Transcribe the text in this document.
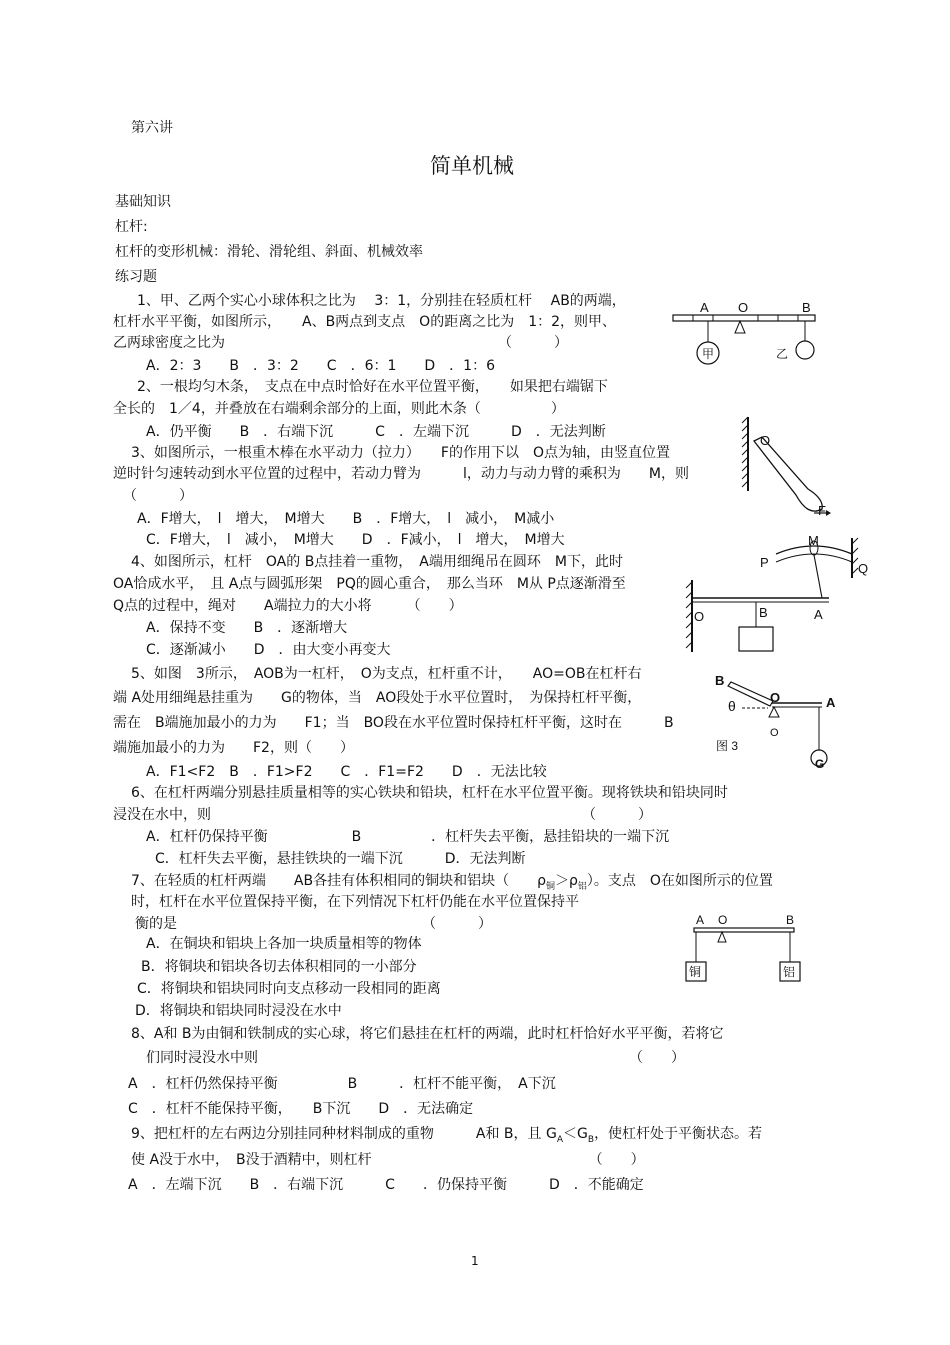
第六讲
简单机械
基础知识
杠杆:
杠杆的变形机械：滑轮、滑轮组、斜面、机械效率
练习题
1、甲、乙两个实心小球体积之比为　 3：1，分别挂在轻质杠杆　 AB的两端，
杠杆水平平衡，如图所示，　　A、B两点到支点　O的距离之比为　1：2，则甲、
乙两球密度之比为　　　　　　　　　　　　　　　　　　　　（　　　）
A．2：3　　B　．3：2　　C　．6：1　　D　．1：6
A O	B
甲	乙
2、一根均匀木条，　支点在中点时恰好在水平位置平衡，　　如果把右端锯下
全长的　1／4，并叠放在右端剩余部分的上面，则此木条（　　　　　）
A．仍平衡　　B　．右端下沉　　　C　．左端下沉　　　D　．无法判断
3、如图所示，一根重木棒在水平动力（拉力）　　F的作用下以　O点为轴，由竖直位置
逆时针匀速转动到水平位置的过程中，若动力臂为　　　l，动力与动力臂的乘积为　　M，则
（　　　）
A．F增大，　l　增大，　M增大　　B　．F增大，　l　减小，　M减小
C．F增大，　l　减小，　M增大　　D　．F减小，　l　增大，　M增大
O
F
4、如图所示，杠杆　OA的 B点挂着一重物，　A端用细绳吊在圆环　M下，此时
OA恰成水平，　且 A点与圆弧形架　PQ的圆心重合，　那么当环　M从 P点逐渐滑至
Q点的过程中，绳对　　A端拉力的大小将　　　（　　）
A．保持不变　　B　．逐渐增大
C．逐渐减小　　D　．由大变小再变大
P
M
Q
O	B	A
5、如图　3所示，　AOB为一杠杆，　O为支点，杠杆重不计，　　AO=OB在杠杆右
端 A处用细绳悬挂重为　　G的物体，当　AO段处于水平位置时，　为保持杠杆平衡，
需在　B端施加最小的力为　　F1；当　BO段在水平位置时保持杠杆平衡，这时在　　　B
端施加最小的力为　　F2，则（　　）
A．F1<F2　B　．F1>F2　　C　．F1=F2　　D　．无法比较
B
θ
O	A
O
G
图 3
6、在杠杆两端分别悬挂质量相等的实心铁块和铅块，杠杆在水平位置平衡。现将铁块和铅块同时
浸没在水中，则　　　　　　　　　　　　　　　　　　　　　　　　　　　（　　　）
A．杠杆仍保持平衡　　　　　　B　　　　　．杠杆失去平衡，悬挂铅块的一端下沉
C．杠杆失去平衡，悬挂铁块的一端下沉　　　D．无法判断
7、在轻质的杠杆两端　　AB各挂有体积相同的铜块和铝块（　　$\rho_铜>\rho_铝$）。支点　O在如图所示的位置
时，杠杆在水平位置保持平衡，在下列情况下杠杆仍能在水平位置保持平
衡的是　　　　　　　　　　　　　　　　　　（　　　）
A．在铜块和铝块上各加一块质量相等的物体
B．将铜块和铝块各切去体积相同的一小部分
C．将铜块和铝块同时向支点移动一段相同的距离
D．将铜块和铝块同时浸没在水中
A O	B
铜	铝
8、A和 B为由铜和铁制成的实心球，将它们悬挂在杠杆的两端，此时杠杆恰好水平平衡，若将它
们同时浸没水中则　　　　　　　　　　　　　　　　　　　　　　　　　　　（　　）
A　．杠杆仍然保持平衡　　　　　B　　　．杠杆不能平衡，　A下沉
C　．杠杆不能保持平衡，　　B下沉　　D　．无法确定
9、把杠杆的左右两边分别挂同种材料制成的重物　　　A和 B，且 $G_A<G_B$，使杠杆处于平衡状态。若
使 A没于水中，　B没于酒精中，则杠杆　　　　　　　　　　　　　　　　（　　）
A　．左端下沉　　B　．右端下沉　　　C　　．仍保持平衡　　　D　．不能确定
1
